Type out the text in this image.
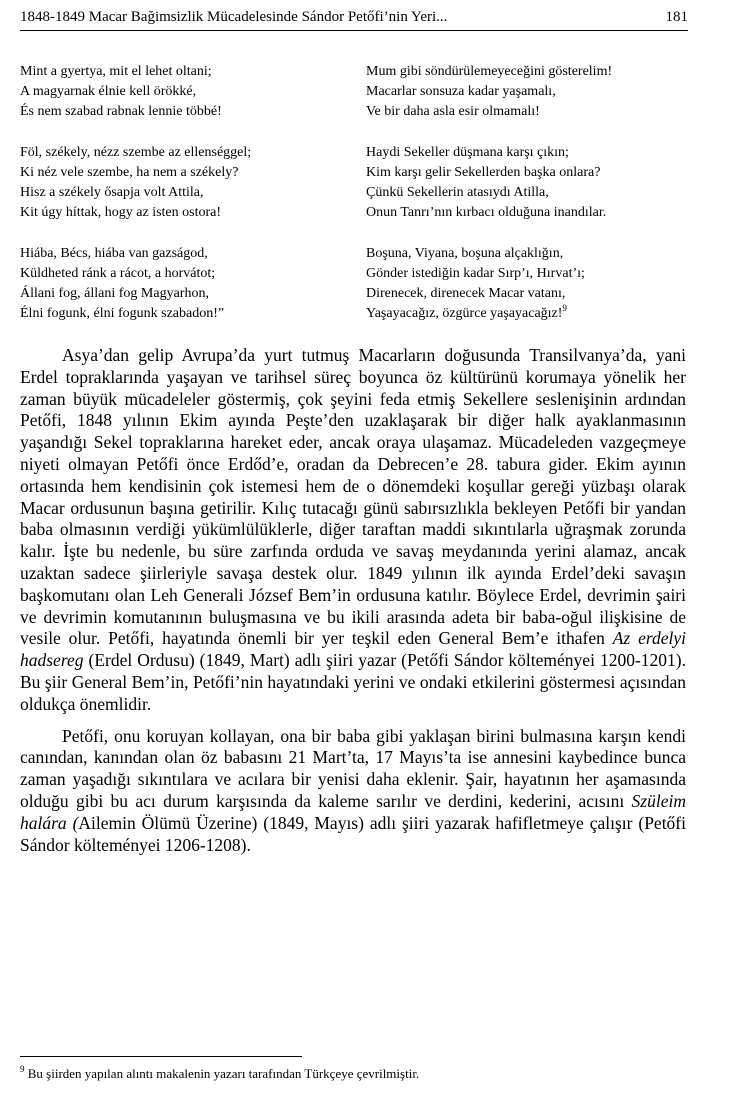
1848-1849 Macar Bağimsizlik Mücadelesinde Sándor Petőfi’nin Yeri...	181
Mint a gyertya, mit el lehet oltani;
A magyarnak élnie kell örökké,
És nem szabad rabnak lennie többé!
Föl, székely, nézz szembe az ellenséggel;
Ki néz vele szembe, ha nem a székely?
Hisz a székely ősapja volt Attila,
Kit úgy híttak, hogy az isten ostora!
Hiába, Bécs, hiába van gazságod,
Küldheted ránk a rácot, a horvátot;
Állani fog, állani fog Magyarhon,
Élni fogunk, élni fogunk szabadon!”
Mum gibi söndürülemeyeceğini gösterelim!
Macarlar sonsuza kadar yaşamalı,
Ve bir daha asla esir olmamalı!
Haydi Sekeller düşmana karşı çıkın;
Kim karşı gelir Sekellerden başka onlara?
Çünkü Sekellerin atasıydı Atilla,
Onun Tanrı’nın kırbacı olduğuna inandılar.
Boşuna, Viyana, boşuna alçaklığın,
Gönder istediğin kadar Sırp’ı, Hırvat’ı;
Direnecek, direnecek Macar vatanı,
Yaşayacağız, özgürce yaşayacağız!$^9$

Asya’dan gelip Avrupa’da yurt tutmuş Macarların doğusunda Transilvanya’da, yani Erdel topraklarında yaşayan ve tarihsel süreç boyunca öz kültürünü korumaya yönelik her zaman büyük mücadeleler göstermiş, çok şeyini feda etmiş Sekellere seslenişinin ardından Petőfi, 1848 yılının Ekim ayında Peşte’den uzaklaşarak bir diğer halk ayaklanmasının yaşandığı Sekel topraklarına hareket eder, ancak oraya ulaşamaz. Mücadeleden vazgeçmeye niyeti olmayan Petőfi önce Erdőd’e, oradan da Debrecen’e 28. tabura gider. Ekim ayının ortasında hem kendisinin çok istemesi hem de o dönemdeki koşullar gereği yüzbaşı olarak Macar ordusunun başına getirilir. Kılıç tutacağı günü sabırsızlıkla bekleyen Petőfi bir yandan baba olmasının verdiği yükümlülüklerle, diğer taraftan maddi sıkıntılarla uğraşmak zorunda kalır. İşte bu nedenle, bu süre zarfında orduda ve savaş meydanında yerini alamaz, ancak uzaktan sadece şiirleriyle savaşa destek olur. 1849 yılının ilk ayında Erdel’deki savaşın başkomutanı olan Leh Generali József Bem’in ordusuna katılır. Böylece Erdel, devrimin şairi ve devrimin komutanının buluşmasına ve bu ikili arasında adeta bir baba-oğul ilişkisine de vesile olur. Petőfi, hayatında önemli bir yer teşkil eden General Bem’e ithafen Az erdelyi hadsereg (Erdel Ordusu) (1849, Mart) adlı şiiri yazar (Petőfi Sándor költeményei 1200-1201). Bu şiir General Bem’in, Petőfi’nin hayatındaki yerini ve ondaki etkilerini göstermesi açısından oldukça önemlidir.

Petőfi, onu koruyan kollayan, ona bir baba gibi yaklaşan birini bulmasına karşın kendi canından, kanından olan öz babasını 21 Mart’ta, 17 Mayıs’ta ise annesini kaybedince bunca zaman yaşadığı sıkıntılara ve acılara bir yenisi daha eklenir. Şair, hayatının her aşamasında olduğu gibi bu acı durum karşısında da kaleme sarılır ve derdini, kederini, acısını Szüleim halára (Ailemin Ölümü Üzerine) (1849, Mayıs) adlı şiiri yazarak hafifletmeye çalışır (Petőfi Sándor költeményei 1206-1208).

$^9$ Bu şiirden yapılan alıntı makalenin yazarı tarafından Türkçeye çevrilmiştir.
